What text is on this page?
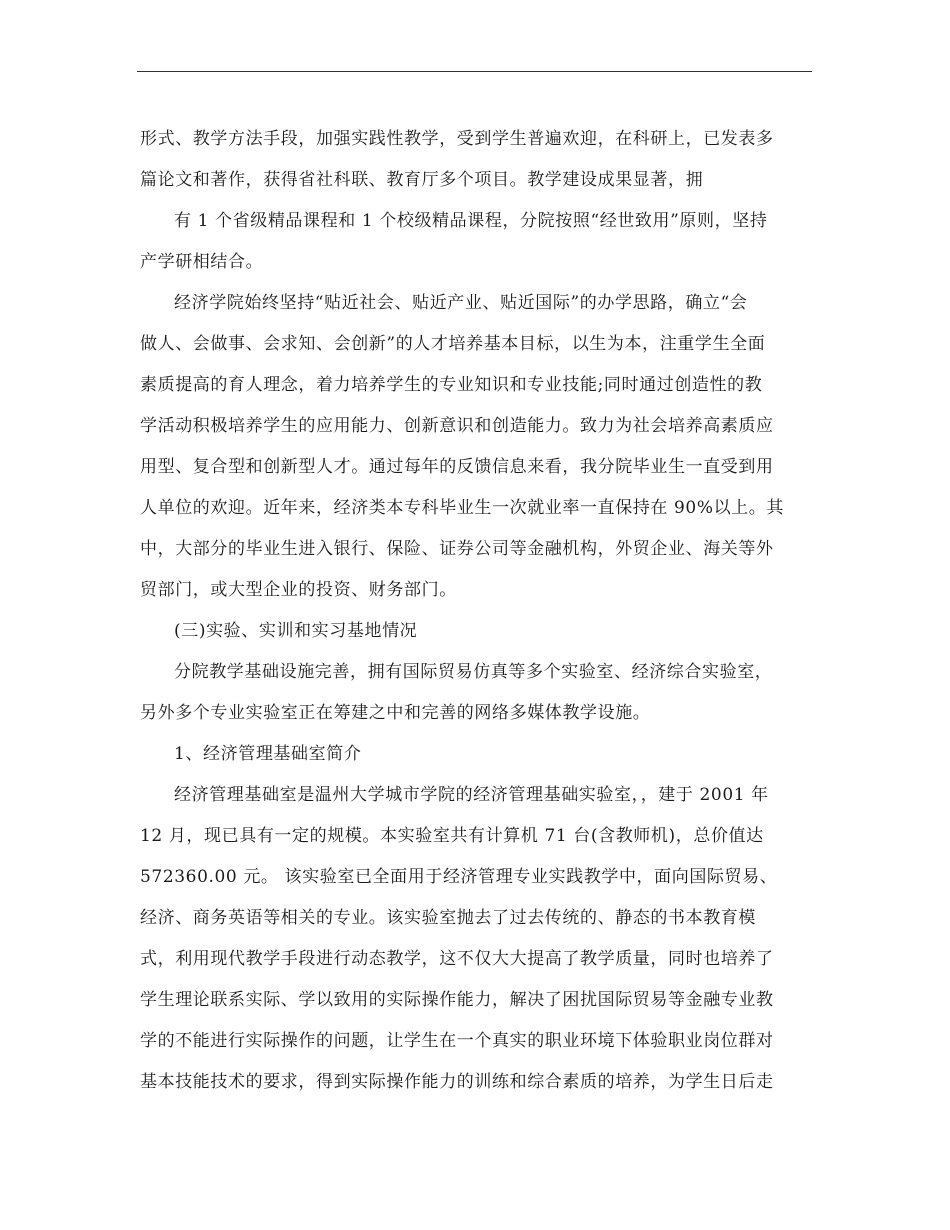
形式、教学方法手段，加强实践性教学，受到学生普遍欢迎，在科研上，已发表多
篇论文和著作，获得省社科联、教育厅多个项目。教学建设成果显著，拥
有 1 个省级精品课程和 1 个校级精品课程，分院按照“经世致用”原则，坚持
产学研相结合。
经济学院始终坚持“贴近社会、贴近产业、贴近国际”的办学思路，确立“会
做人、会做事、会求知、会创新”的人才培养基本目标，以生为本，注重学生全面
素质提高的育人理念，着力培养学生的专业知识和专业技能;同时通过创造性的教
学活动积极培养学生的应用能力、创新意识和创造能力。致力为社会培养高素质应
用型、复合型和创新型人才。通过每年的反馈信息来看，我分院毕业生一直受到用
人单位的欢迎。近年来，经济类本专科毕业生一次就业率一直保持在 90%以上。其
中，大部分的毕业生进入银行、保险、证券公司等金融机构，外贸企业、海关等外
贸部门，或大型企业的投资、财务部门。
(三)实验、实训和实习基地情况
分院教学基础设施完善，拥有国际贸易仿真等多个实验室、经济综合实验室，
另外多个专业实验室正在筹建之中和完善的网络多媒体教学设施。
1、经济管理基础室简介
经济管理基础室是温州大学城市学院的经济管理基础实验室，，建于 2001 年
12 月，现已具有一定的规模。本实验室共有计算机 71 台(含教师机)，总价值达
572360.00 元。 该实验室已全面用于经济管理专业实践教学中，面向国际贸易、
经济、商务英语等相关的专业。该实验室抛去了过去传统的、静态的书本教育模
式，利用现代教学手段进行动态教学，这不仅大大提高了教学质量，同时也培养了
学生理论联系实际、学以致用的实际操作能力，解决了困扰国际贸易等金融专业教
学的不能进行实际操作的问题，让学生在一个真实的职业环境下体验职业岗位群对
基本技能技术的要求，得到实际操作能力的训练和综合素质的培养，为学生日后走
